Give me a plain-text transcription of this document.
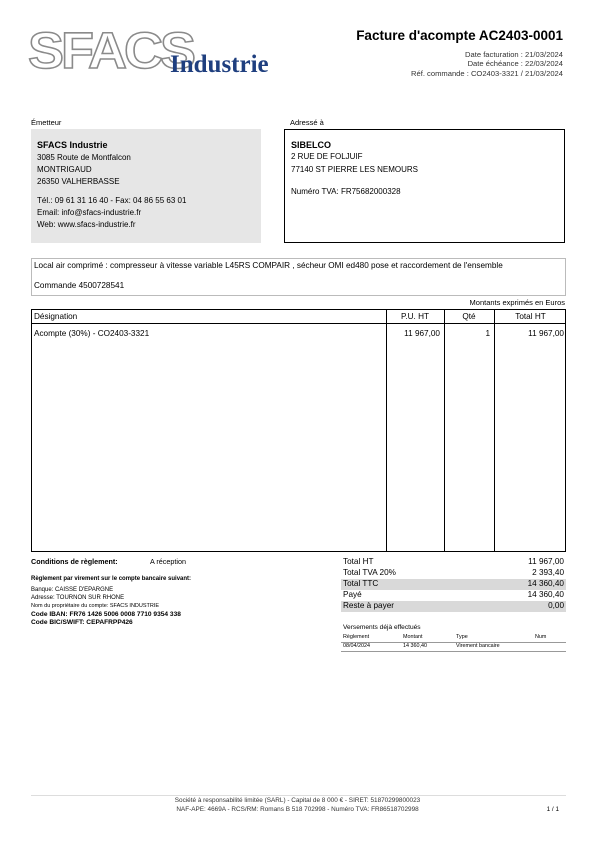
SFACS
Industrie
Facture d'acompte AC2403-0001
Date facturation : 21/03/2024
Date échéance : 22/03/2024
Réf. commande : CO2403-3321 / 21/03/2024
Émetteur	Adressé à
SFACS Industrie
3085 Route de Montfalcon
MONTRIGAUD
26350 VALHERBASSE
Tél.: 09 61 31 16 40 - Fax: 04 86 55 63 01
Email: info@sfacs-industrie.fr
Web: www.sfacs-industrie.fr
SIBELCO
2 RUE DE FOLJUIF
77140 ST PIERRE LES NEMOURS
Numéro TVA: FR75682000328
Local air comprimé : compresseur à vitesse variable L45RS COMPAIR , sécheur OMI ed480 pose et raccordement de l'ensemble
Commande 4500728541
Montants exprimés en Euros
Désignation	P.U. HT	Qté	Total HT
Acompte (30%) - CO2403-3321	11 967,00	1	11 967,00
Conditions de règlement:	A réception
Règlement par virement sur le compte bancaire suivant:
Banque: CAISSE D'EPARGNE
Adresse: TOURNON SUR RHONE
Nom du propriétaire du compte: SFACS INDUSTRIE
Code IBAN: FR76 1426 5006 0008 7710 9354 338
Code BIC/SWIFT: CEPAFRPP426
Total HT	11 967,00
Total TVA 20%	2 393,40
Total TTC	14 360,40
Payé	14 360,40
Reste à payer	0,00
Versements déjà effectués
Règlement	Montant	Type	Num
08/04/2024	14 360,40	Virement bancaire
Société à responsabilité limitée (SARL) - Capital de 8 000 € - SIRET: 51870299800023
NAF-APE: 4669A - RCS/RM: Romans B 518 702998 - Numéro TVA: FR86518702998	1 / 1
